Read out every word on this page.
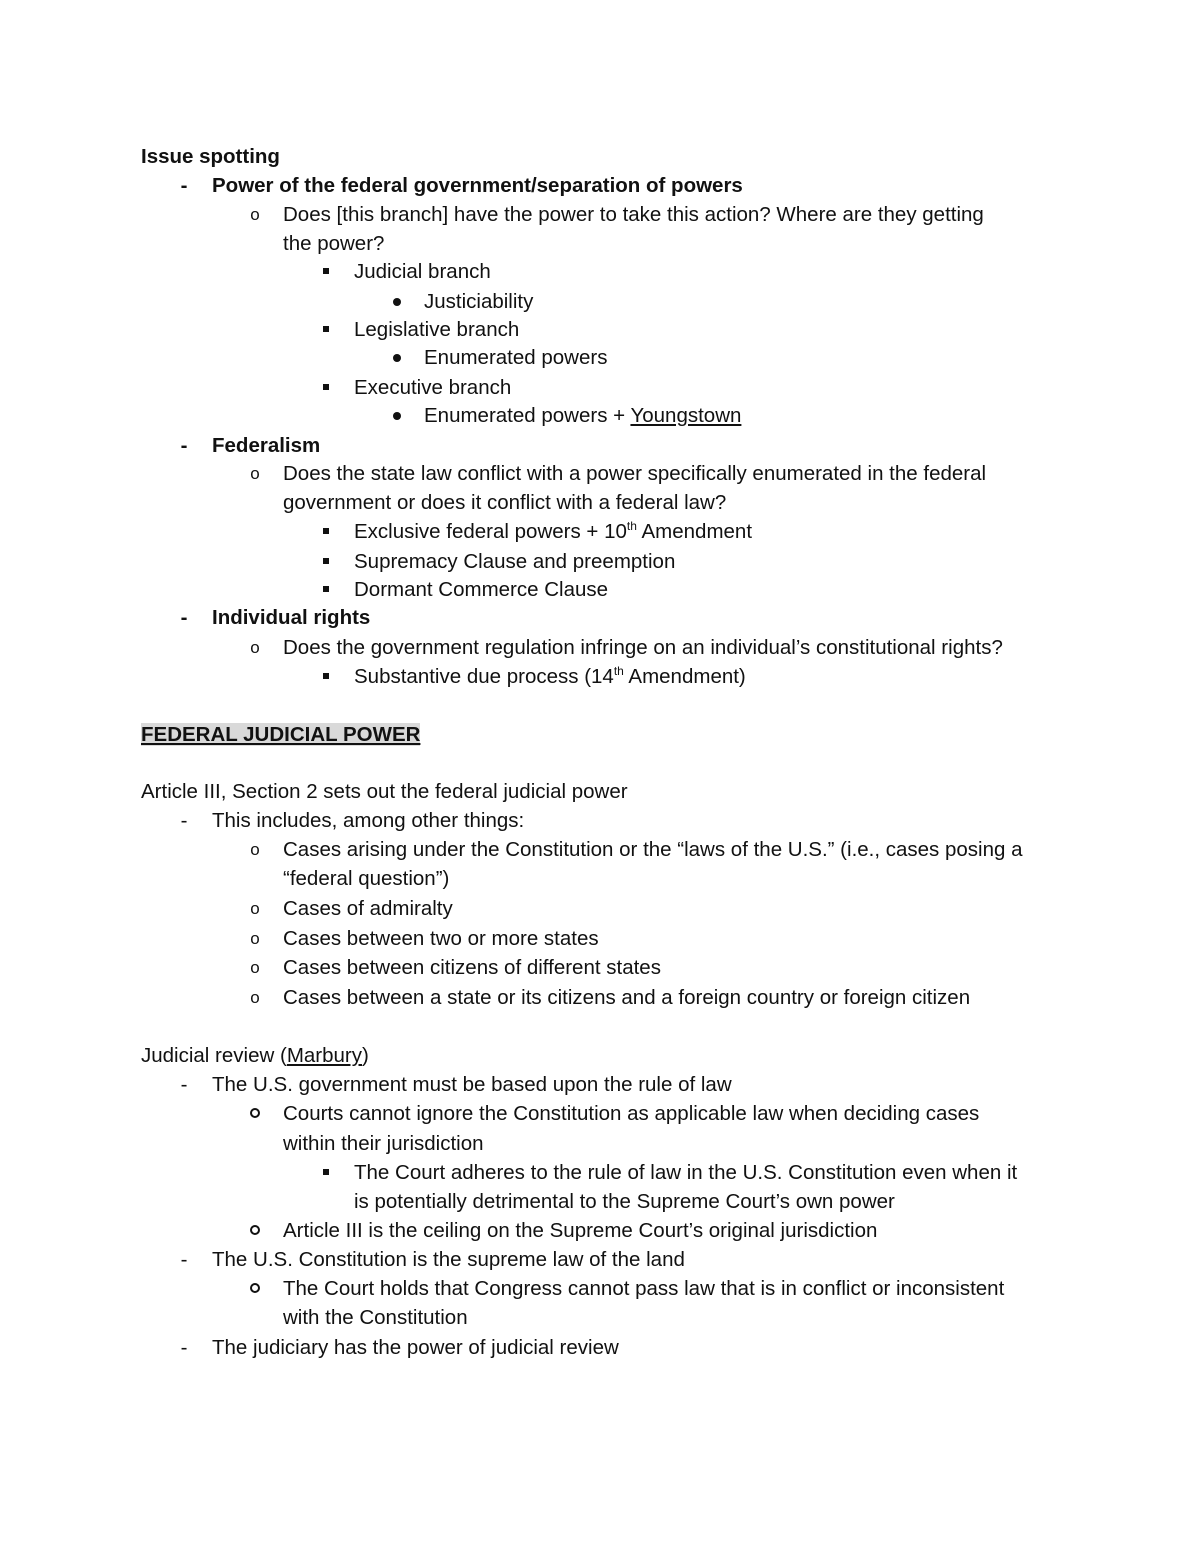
Issue spotting
-	Power of the federal government/separation of powers
o	Does [this branch] have the power to take this action? Where are they getting
the power?
Judicial branch
Justiciability
Legislative branch
Enumerated powers
Executive branch
Enumerated powers + Youngstown
-	Federalism
o	Does the state law conflict with a power specifically enumerated in the federal
government or does it conflict with a federal law?
Exclusive federal powers + 10th Amendment
Supremacy Clause and preemption
Dormant Commerce Clause
-	Individual rights
o	Does the government regulation infringe on an individual’s constitutional rights?
Substantive due process (14th Amendment)
FEDERAL JUDICIAL POWER
Article III, Section 2 sets out the federal judicial power
-	This includes, among other things:
o	Cases arising under the Constitution or the “laws of the U.S.” (i.e., cases posing a
“federal question”)
o	Cases of admiralty
o	Cases between two or more states
o	Cases between citizens of different states
o	Cases between a state or its citizens and a foreign country or foreign citizen
Judicial review (Marbury)
-	The U.S. government must be based upon the rule of law
Courts cannot ignore the Constitution as applicable law when deciding cases
within their jurisdiction
The Court adheres to the rule of law in the U.S. Constitution even when it
is potentially detrimental to the Supreme Court’s own power
Article III is the ceiling on the Supreme Court’s original jurisdiction
-	The U.S. Constitution is the supreme law of the land
The Court holds that Congress cannot pass law that is in conflict or inconsistent
with the Constitution
-	The judiciary has the power of judicial review
